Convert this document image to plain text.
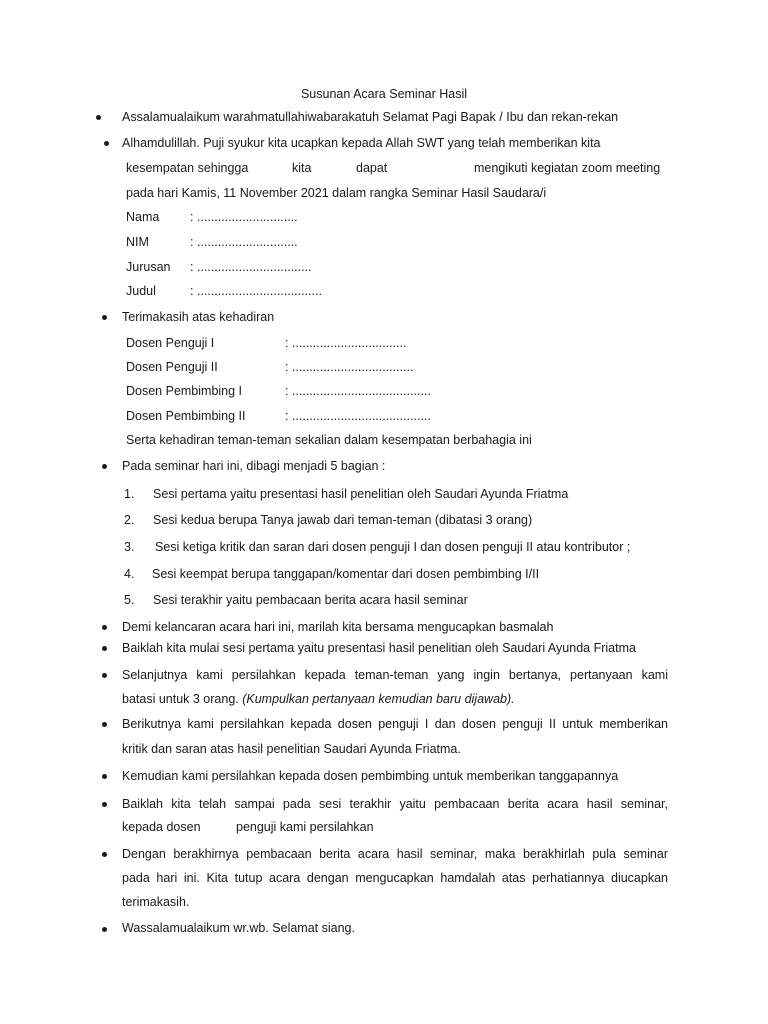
Susunan Acara Seminar Hasil
Assalamualaikum warahmatullahiwabarakatuh Selamat Pagi Bapak / Ibu dan rekan-rekan
Alhamdulillah. Puji syukur kita ucapkan kepada Allah SWT yang telah memberikan kita
kesempatan sehingga	kita	dapat	mengikuti kegiatan zoom meeting
pada hari Kamis, 11 November 2021 dalam rangka Seminar Hasil Saudara/i
Nama : .............................
NIM	: .............................
Jurusan : .................................
Judul	: ....................................
Terimakasih atas kehadiran
Dosen Penguji I	: .................................
Dosen Penguji II	: ...................................
Dosen Pembimbing I	: ........................................
Dosen Pembimbing II	: ........................................
Serta kehadiran teman-teman sekalian dalam kesempatan berbahagia ini
Pada seminar hari ini, dibagi menjadi 5 bagian :
1. Sesi pertama yaitu presentasi hasil penelitian oleh Saudari Ayunda Friatma
2. Sesi kedua berupa Tanya jawab dari teman-teman (dibatasi 3 orang)
3. Sesi ketiga kritik dan saran dari dosen penguji I dan dosen penguji II atau kontributor ;
4. Sesi keempat berupa tanggapan/komentar dari dosen pembimbing I/II
5. Sesi terakhir yaitu pembacaan berita acara hasil seminar
Demi kelancaran acara hari ini, marilah kita bersama mengucapkan basmalah
Baiklah kita mulai sesi pertama yaitu presentasi hasil penelitian oleh Saudari Ayunda Friatma
Selanjutnya kami persilahkan kepada teman-teman yang ingin bertanya, pertanyaan kami
batasi untuk 3 orang. (Kumpulkan pertanyaan kemudian baru dijawab).
Berikutnya kami persilahkan kepada dosen penguji I dan dosen penguji II untuk memberikan
kritik dan saran atas hasil penelitian Saudari Ayunda Friatma.
Kemudian kami persilahkan kepada dosen pembimbing untuk memberikan tanggapannya
Baiklah kita telah sampai pada sesi terakhir yaitu pembacaan berita acara hasil seminar,
kepada dosen	penguji kami persilahkan
Dengan berakhirnya pembacaan berita acara hasil seminar, maka berakhirlah pula seminar
pada hari ini. Kita tutup acara dengan mengucapkan hamdalah atas perhatiannya diucapkan
terimakasih.
Wassalamualaikum wr.wb. Selamat siang.
